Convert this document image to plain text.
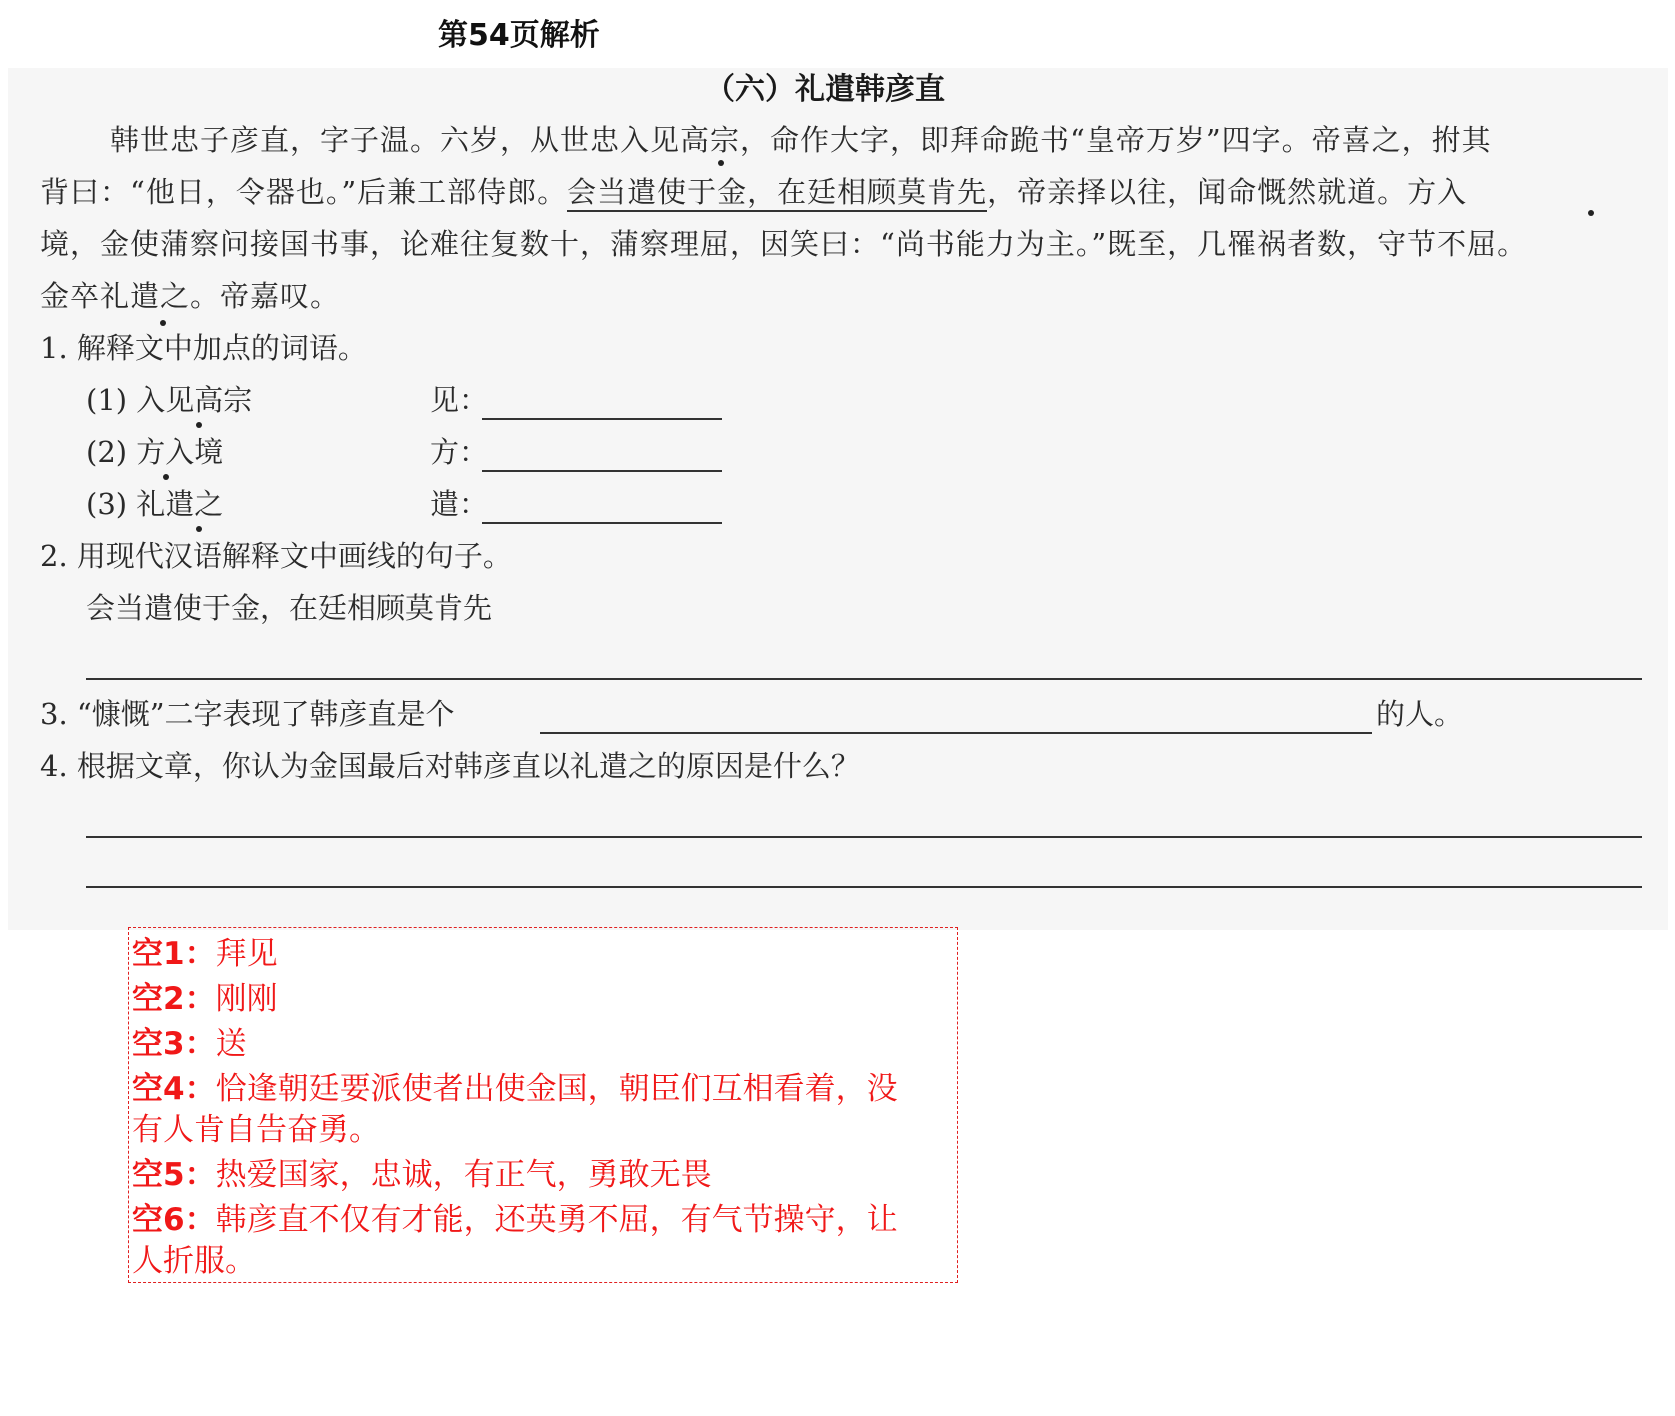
第54页解析
（六）礼遣韩彦直
韩世忠子彦直，字子温。六岁，从世忠入见高宗，命作大字，即拜命跪书“皇帝万岁”四字。帝喜之，拊其
背曰：“他日，令器也。”后兼工部侍郎。会当遣使于金，在廷相顾莫肯先，帝亲择以往，闻命慨然就道。方入
境，金使蒲察问接国书事，论难往复数十，蒲察理屈，因笑曰：“尚书能力为主。”既至，几罹祸者数，守节不屈。
金卒礼遣之。帝嘉叹。
1. 解释文中加点的词语。
(1) 入见高宗	见：
(2) 方入境	方：
(3) 礼遣之	遣：
2. 用现代汉语解释文中画线的句子。
会当遣使于金，在廷相顾莫肯先
3. “慷慨”二字表现了韩彦直是个	的人。
4. 根据文章，你认为金国最后对韩彦直以礼遣之的原因是什么？
空1：拜见
空2：刚刚
空3：送
空4：恰逢朝廷要派使者出使金国，朝臣们互相看着，没
有人肯自告奋勇。
空5：热爱国家，忠诚，有正气，勇敢无畏
空6：韩彦直不仅有才能，还英勇不屈，有气节操守，让
人折服。
